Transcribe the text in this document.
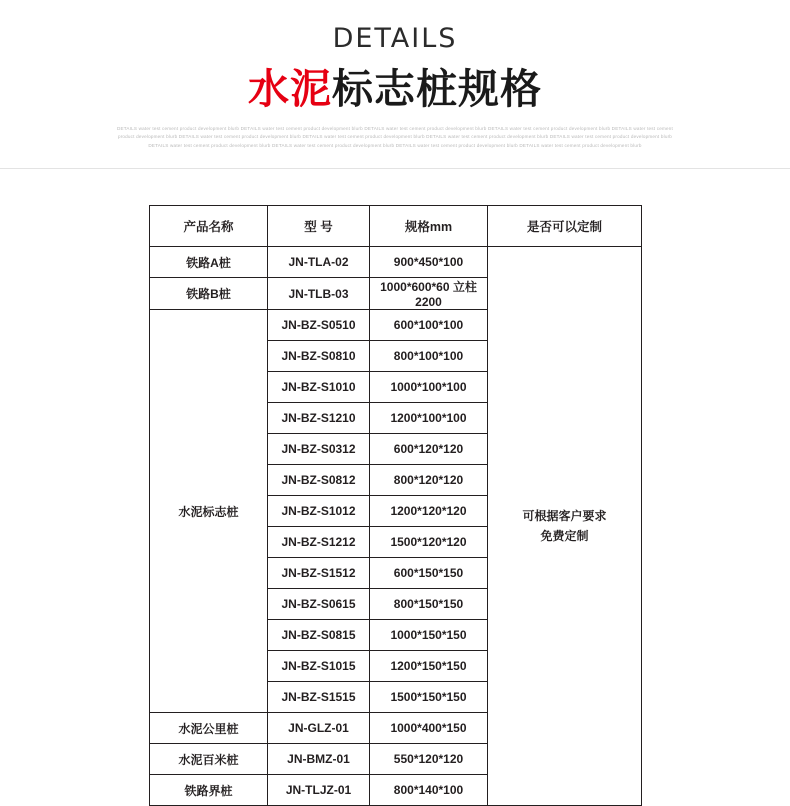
DETAILS
水泥标志桩规格
DETAILS water test cement product development blurb DETAILS water test cement product development blurb DETAILS water test cement product development blurb DETAILS water test cement product development blurb DETAILS water test cement product development blurb DETAILS water test cement product development blurb DETAILS water test cement product development blurb DETAILS water test cement product development blurb DETAILS water test cement product development blurb DETAILS water test cement product development blurb DETAILS water test cement product development blurb DETAILS water test cement product development blurb DETAILS water test cement product development blurb
产品名称	型 号	规格mm	是否可以定制
铁路A桩	JN-TLA-02	900*450*100	可根据客户要求
免费定制

铁路B桩	JN-TLB-03	1000*600*60 立柱2200	
水泥标志桩	JN-BZ-S0510	600*100*100	
	JN-BZ-S0810	800*100*100	
	JN-BZ-S1010	1000*100*100	
	JN-BZ-S1210	1200*100*100	
	JN-BZ-S0312	600*120*120	
	JN-BZ-S0812	800*120*120	
	JN-BZ-S1012	1200*120*120	
	JN-BZ-S1212	1500*120*120	
	JN-BZ-S1512	600*150*150	
	JN-BZ-S0615	800*150*150	
	JN-BZ-S0815	1000*150*150	
	JN-BZ-S1015	1200*150*150	
	JN-BZ-S1515	1500*150*150	
水泥公里桩	JN-GLZ-01	1000*400*150	
水泥百米桩	JN-BMZ-01	550*120*120	
铁路界桩	JN-TLJZ-01	800*140*100	
